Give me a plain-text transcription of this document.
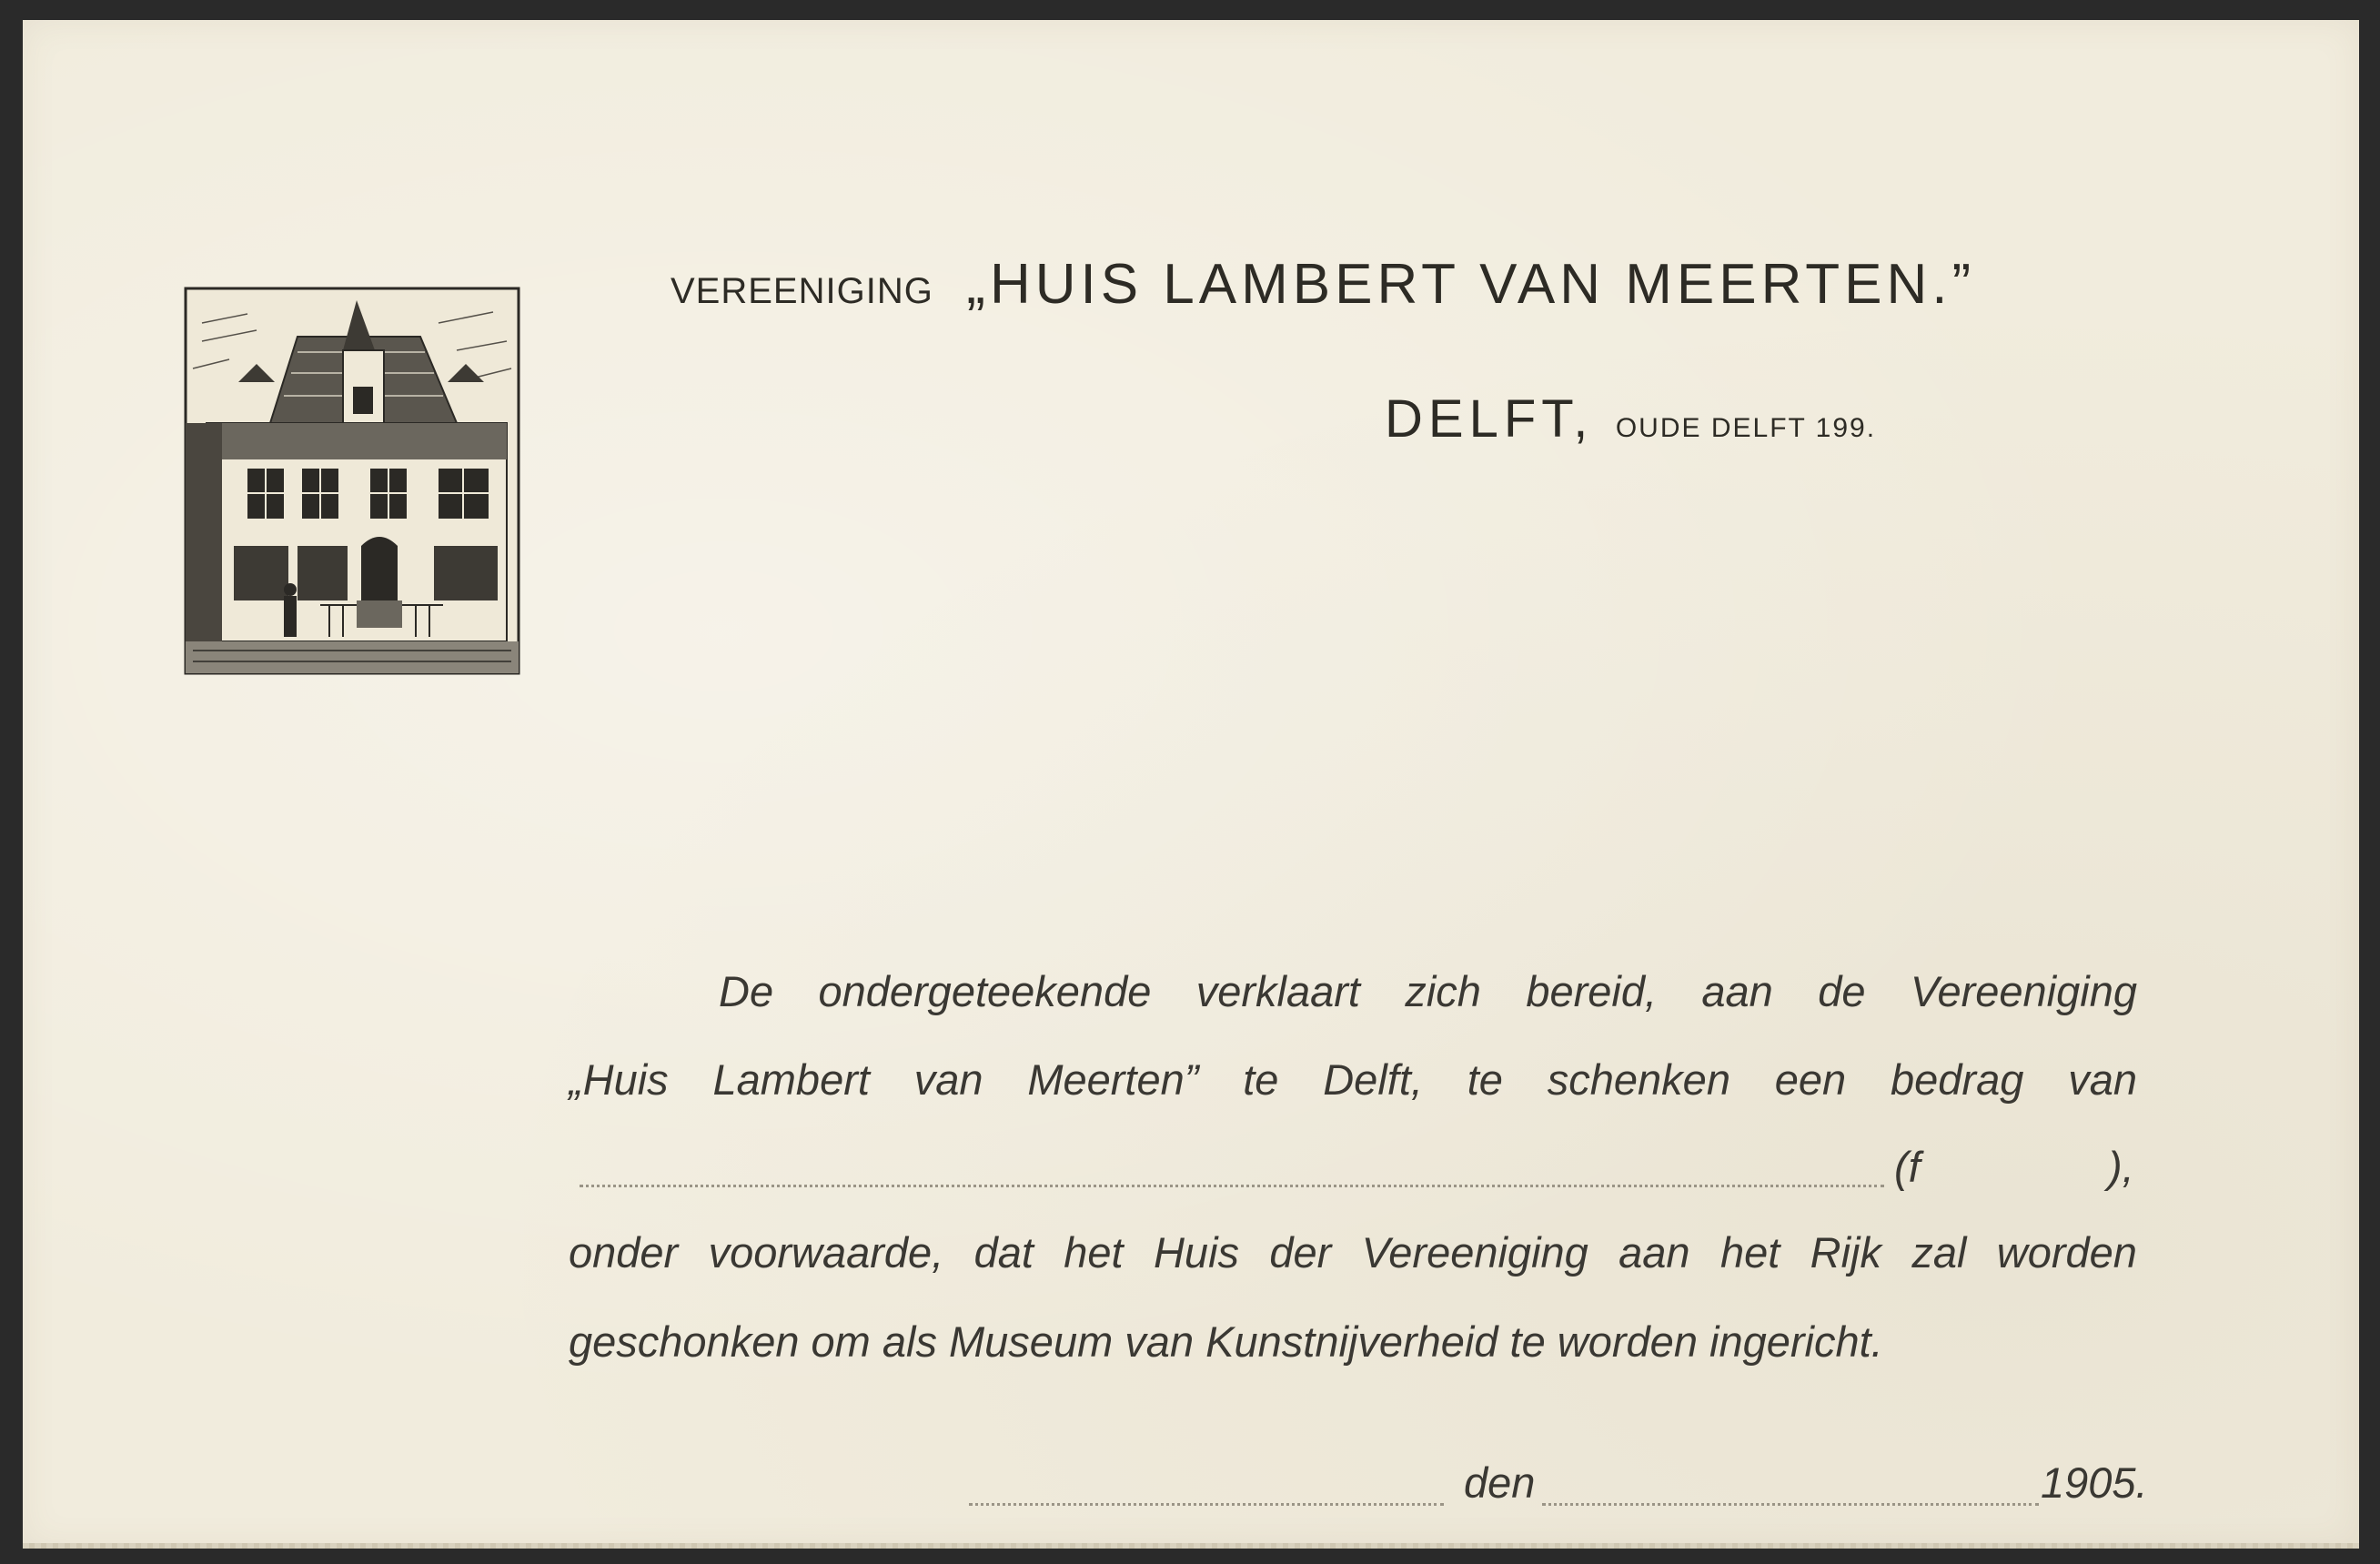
VEREENIGING „HUIS LAMBERT VAN MEERTEN.”
DELFT, OUDE DELFT 199.
De ondergeteekende verklaart zich bereid, aan de Vereeniging
„Huis Lambert van Meerten” te Delft, te schenken een bedrag van
(f	),
onder voorwaarde, dat het Huis der Vereeniging aan het Rijk zal worden
geschonken om als Museum van Kunstnijverheid te worden ingericht.
den	1905.
